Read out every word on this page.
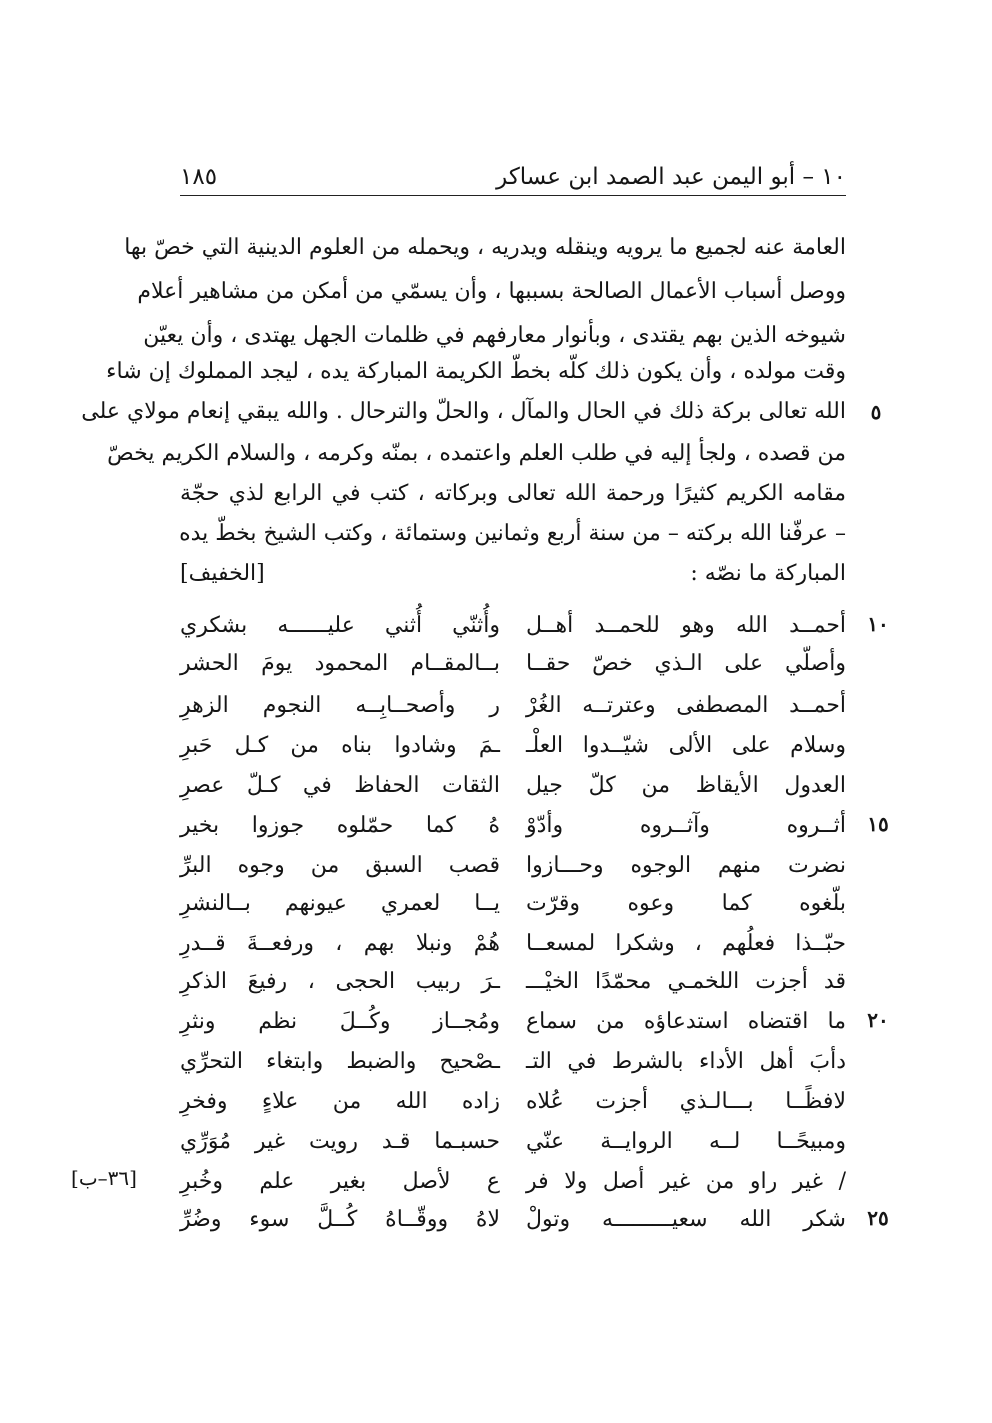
١٠ – أبو اليمن عبد الصمد ابن عساكر
١٨٥
العامة عنه لجميع ما يرويه وينقله ويدريه ، ويحمله من العلوم الدينية التي خصّ بها
ووصل أسباب الأعمال الصالحة بسببها ، وأن يسمّي من أمكن من مشاهير أعلام
شيوخه الذين بهم يقتدى ، وبأنوار معارفهم في ظلمات الجهل يهتدى ، وأن يعيّن
وقت مولده ، وأن يكون ذلك كلّه بخطّ الكريمة المباركة يده ، ليجد المملوك إن شاء
الله تعالى بركة ذلك في الحال والمآل ، والحلّ والترحال . والله يبقي إنعام مولاي على
من قصده ، ولجأ إليه في طلب العلم واعتمده ، بمنّه وكرمه ، والسلام الكريم يخصّ
مقامه الكريم كثيرًا ورحمة الله تعالى وبركاته ، كتب في الرابع لذي حجّة
– عرفّنا الله بركته – من سنة أربع وثمانين وستمائة ، وكتب الشيخ بخطّ يده
المباركة ما نصّه :
[الخفيف]
أحمــد الله وهو للحمــد أهــل
وأُثنّي أُثني عليــــــه بشكري
وأصلّي على الـذي خصّ حقــا
بــالمقــام المحمود يومَ الحشر
أحمــد المصطفى وعترتــه الغُرْ
ر وأصحــابِــه النجوم الزهرِ
وسلام على الألى شيّــدوا العلْـ
ـمَ وشادوا بناه من كـل حَبرِ
العدول الأيقاظ من كلّ جيل
الثقات الحفاظ في كـلّ عصرِ
أثــروه وآثــروه وأدّوْ
هُ كما حمّلوه جوزوا بخير
نضرت منهم الوجوه وحـــازوا
قصب السبق من وجوه البرِّ
بلّغوه كما وعوه وقرّت
يــا لعمري عيونهم بــالنشرِ
حبّــذا فعلُهم ، وشكرا لمسعــا
هُمْ ونبلا بهم ، ورفعــةَ قــدرِ
قد أجزت اللخمـي محمّدًا الخيْـــ
ـرَ ربيب الحجى ، رفيعَ الذكرِ
ما اقتضاه استدعاؤه من سماع
ومُجــاز وكُــلَ نظم ونثرِ
دأبَ أهل الأداء بالشرط في التـ
ـصْحيح والضبط وابتغاء التحرِّي
لافظًــا بـــالـذي أجزت عُلاه
زاده الله من علاءٍ وفخرِ
ومبيحًــا لــه الروايــة عنّي
حسبـما قـد رويت غير مُوَرِّي
/ غير راو من غير أصل ولا فر
ع لأصل بغير علم وخُبرِ
شكر الله سعيـــــــــه وتولْ
لاهُ ووقّــاهُ كُــلَّ سوء وضُرِّ
٥
١٠
١٥
٢٠
٢٥
[٣٦–ب]
